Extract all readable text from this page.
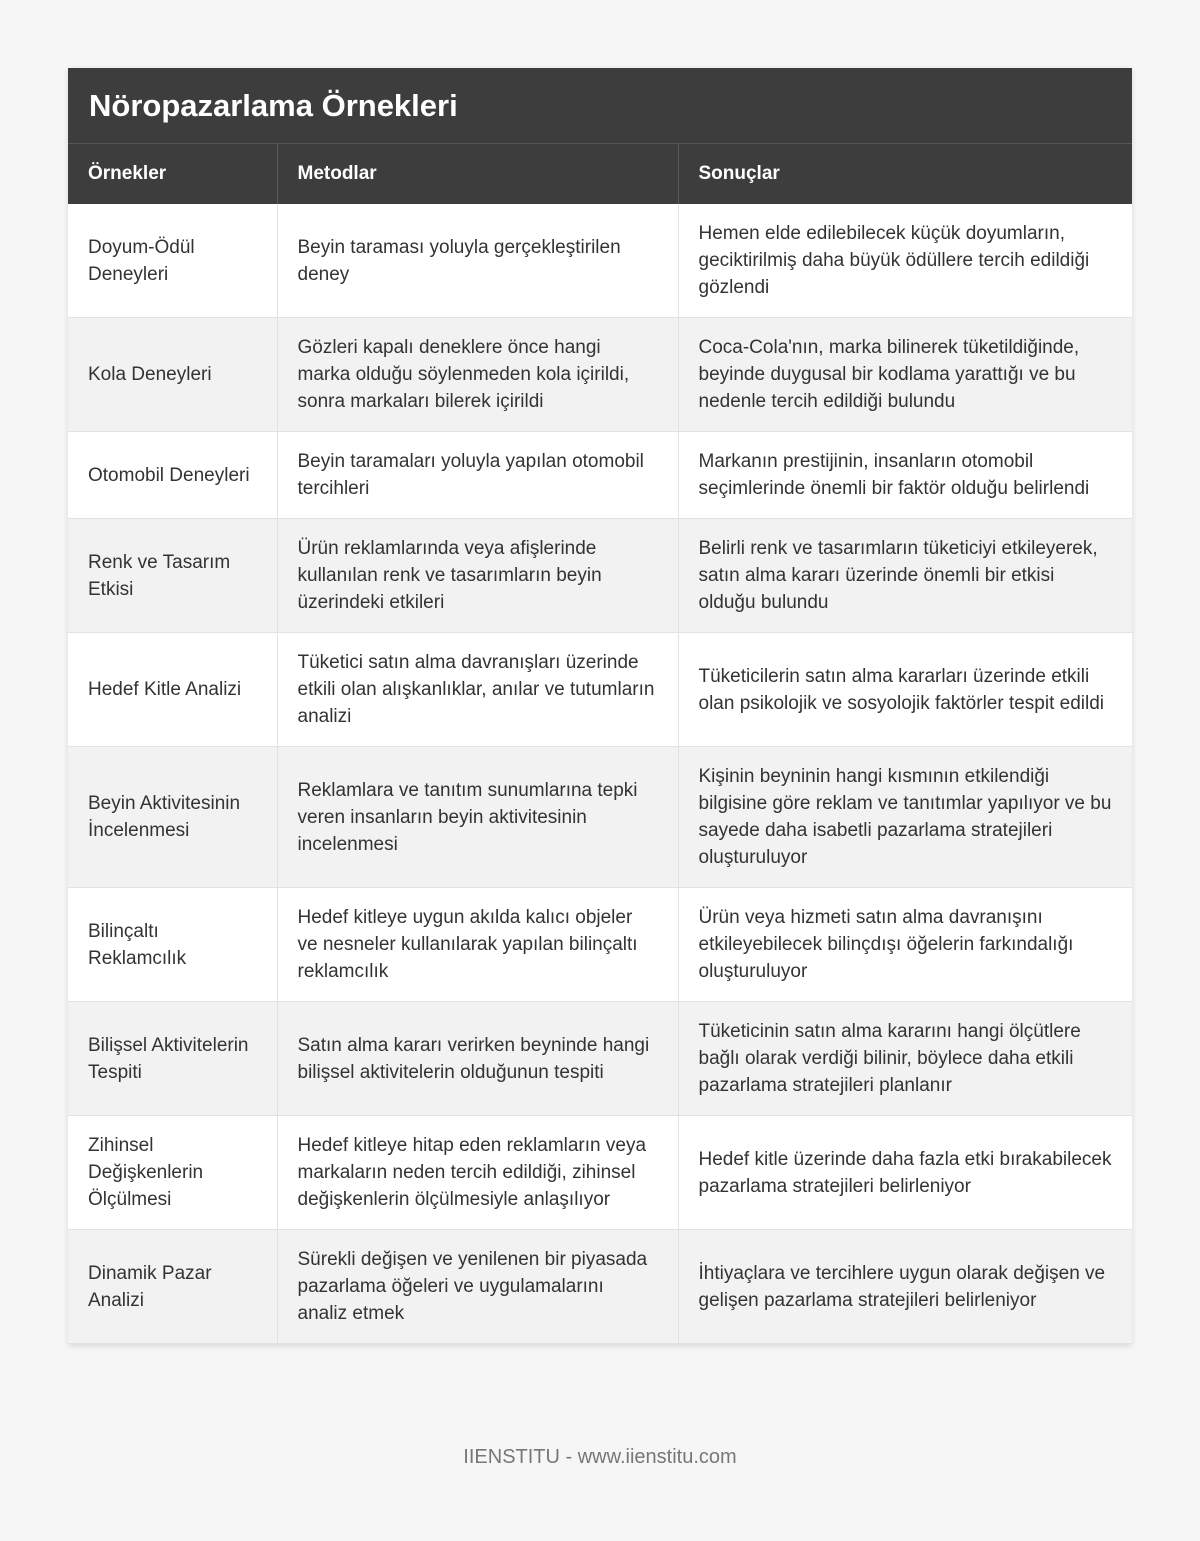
Nöropazarlama Örnekleri
Örnekler	Metodlar	Sonuçlar
Doyum-Ödül Deneyleri	Beyin taraması yoluyla gerçekleştirilen deney	Hemen elde edilebilecek küçük doyumların, geciktirilmiş daha büyük ödüllere tercih edildiği gözlendi
Kola Deneyleri	Gözleri kapalı deneklere önce hangi marka olduğu söylenmeden kola içirildi, sonra markaları bilerek içirildi	Coca-Cola'nın, marka bilinerek tüketildiğinde, beyinde duygusal bir kodlama yarattığı ve bu nedenle tercih edildiği bulundu
Otomobil Deneyleri	Beyin taramaları yoluyla yapılan otomobil tercihleri	Markanın prestijinin, insanların otomobil seçimlerinde önemli bir faktör olduğu belirlendi
Renk ve Tasarım Etkisi	Ürün reklamlarında veya afişlerinde kullanılan renk ve tasarımların beyin üzerindeki etkileri	Belirli renk ve tasarımların tüketiciyi etkileyerek, satın alma kararı üzerinde önemli bir etkisi olduğu bulundu
Hedef Kitle Analizi	Tüketici satın alma davranışları üzerinde etkili olan alışkanlıklar, anılar ve tutumların analizi	Tüketicilerin satın alma kararları üzerinde etkili olan psikolojik ve sosyolojik faktörler tespit edildi
Beyin Aktivitesinin İncelenmesi	Reklamlara ve tanıtım sunumlarına tepki veren insanların beyin aktivitesinin incelenmesi	Kişinin beyninin hangi kısmının etkilendiği bilgisine göre reklam ve tanıtımlar yapılıyor ve bu sayede daha isabetli pazarlama stratejileri oluşturuluyor
Bilinçaltı Reklamcılık	Hedef kitleye uygun akılda kalıcı objeler ve nesneler kullanılarak yapılan bilinçaltı reklamcılık	Ürün veya hizmeti satın alma davranışını etkileyebilecek bilinçdışı öğelerin farkındalığı oluşturuluyor
Bilişsel Aktivitelerin Tespiti	Satın alma kararı verirken beyninde hangi bilişsel aktivitelerin olduğunun tespiti	Tüketicinin satın alma kararını hangi ölçütlere bağlı olarak verdiği bilinir, böylece daha etkili pazarlama stratejileri planlanır
Zihinsel Değişkenlerin Ölçülmesi	Hedef kitleye hitap eden reklamların veya markaların neden tercih edildiği, zihinsel değişkenlerin ölçülmesiyle anlaşılıyor	Hedef kitle üzerinde daha fazla etki bırakabilecek pazarlama stratejileri belirleniyor
Dinamik Pazar Analizi	Sürekli değişen ve yenilenen bir piyasada pazarlama öğeleri ve uygulamalarını analiz etmek	İhtiyaçlara ve tercihlere uygun olarak değişen ve gelişen pazarlama stratejileri belirleniyor
IIENSTITU - www.iienstitu.com
